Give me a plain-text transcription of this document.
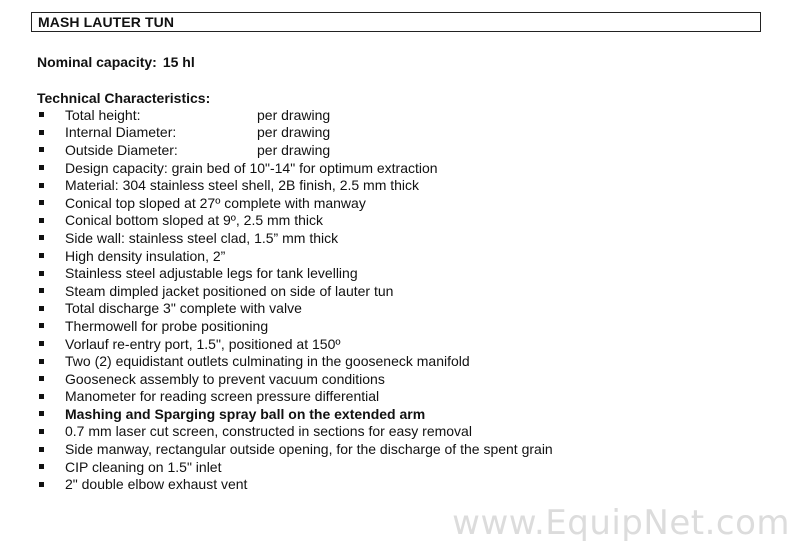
MASH LAUTER TUN
Nominal capacity: 15 hl
Technical Characteristics:
Total height:	per drawing
Internal Diameter:	per drawing
Outside Diameter:	per drawing
Design capacity: grain bed of 10"-14" for optimum extraction
Material: 304 stainless steel shell, 2B finish, 2.5 mm thick
Conical top sloped at 27º complete with manway
Conical bottom sloped at 9º, 2.5 mm thick
Side wall: stainless steel clad, 1.5” mm thick
High density insulation, 2”
Stainless steel adjustable legs for tank levelling
Steam dimpled jacket positioned on side of lauter tun
Total discharge 3" complete with valve
Thermowell for probe positioning
Vorlauf re-entry port, 1.5", positioned at 150º
Two (2) equidistant outlets culminating in the gooseneck manifold
Gooseneck assembly to prevent vacuum conditions
Manometer for reading screen pressure differential
Mashing and Sparging spray ball on the extended arm
0.7 mm laser cut screen, constructed in sections for easy removal
Side manway, rectangular outside opening, for the discharge of the spent grain
CIP cleaning on 1.5" inlet
2" double elbow exhaust vent
www.EquipNet.com
